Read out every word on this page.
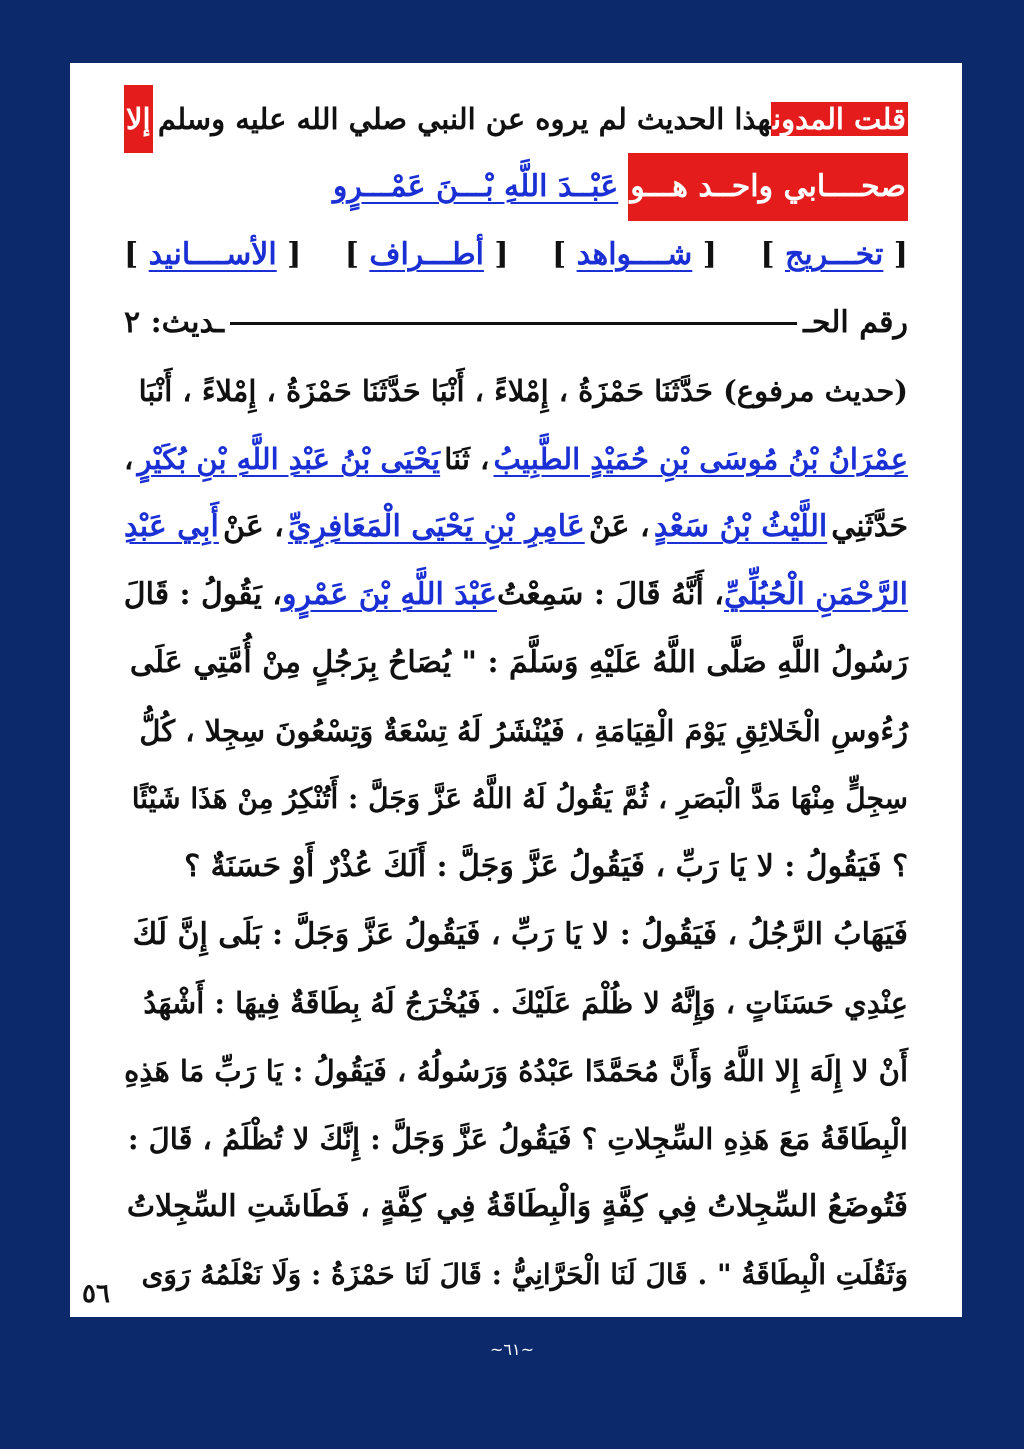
قلت المدونهذا الحديث لم يروه عن النبي صلي الله عليه وسلم
إلا
صحــــابي واحــد هـــو
عَبْــدَ اللَّهِ بْـــنَ عَمْـــرٍو
[ تخـــريج ]
[ شــــواهد ]
[ أطـــراف ]
[ الأســــانيد ]
رقم الحـ
ـديث: ٢
(حديث مرفوع) حَدَّثَنَا حَمْزَةُ ، إِمْلاءً ، أَنْبَا حَدَّثَنَا حَمْزَةُ ، إِمْلاءً ، أَنْبَا
عِمْرَانُ بْنُ مُوسَى بْنِ حُمَيْدٍ الطَّبِيبُ
، ثَنَا
يَحْيَى بْنُ عَبْدِ اللَّهِ بْنِ بُكَيْرٍ
،
حَدَّثَنِي
اللَّيْثُ بْنُ سَعْدٍ
، عَنْ
عَامِرِ بْنِ يَحْيَى الْمَعَافِرِيِّ
، عَنْ
أَبِي عَبْدِ
الرَّحْمَنِ الْحُبُلِّيِّ
، أَنَّهُ قَالَ : سَمِعْتُ
عَبْدَ اللَّهِ بْنَ عَمْرٍو
، يَقُولُ : قَالَ
رَسُولُ اللَّهِ صَلَّى اللَّهُ عَلَيْهِ وَسَلَّمَ : " يُصَاحُ بِرَجُلٍ مِنْ أُمَّتِي عَلَى
رُءُوسِ الْخَلائِقِ يَوْمَ الْقِيَامَةِ ، فَيُنْشَرُ لَهُ تِسْعَةٌ وَتِسْعُونَ سِجِلا ، كُلُّ
سِجِلٍّ مِنْهَا مَدَّ الْبَصَرِ ، ثُمَّ يَقُولُ لَهُ اللَّهُ عَزَّ وَجَلَّ : أَتُنْكِرُ مِنْ هَذَا شَيْئًا
؟ فَيَقُولُ : لا يَا رَبِّ ، فَيَقُولُ عَزَّ وَجَلَّ : أَلَكَ عُذْرٌ أَوْ حَسَنَةٌ ؟
فَيَهَابُ الرَّجُلُ ، فَيَقُولُ : لا يَا رَبِّ ، فَيَقُولُ عَزَّ وَجَلَّ : بَلَى إِنَّ لَكَ
عِنْدِي حَسَنَاتٍ ، وَإِنَّهُ لا ظُلْمَ عَلَيْكَ . فَيُخْرَجُ لَهُ بِطَاقَةٌ فِيهَا : أَشْهَدُ
أَنْ لا إِلَهَ إِلا اللَّهُ وَأَنَّ مُحَمَّدًا عَبْدُهُ وَرَسُولُهُ ، فَيَقُولُ : يَا رَبِّ مَا هَذِهِ
الْبِطَاقَةُ مَعَ هَذِهِ السِّجِلاتِ ؟ فَيَقُولُ عَزَّ وَجَلَّ : إِنَّكَ لا تُظْلَمُ ، قَالَ :
فَتُوضَعُ السِّجِلاتُ فِي كِفَّةٍ وَالْبِطَاقَةُ فِي كِفَّةٍ ، فَطَاشَتِ السِّجِلاتُ
وَثَقُلَتِ الْبِطَاقَةُ " . قَالَ لَنَا الْحَرَّانِيُّ : قَالَ لَنَا حَمْزَةُ : وَلَا نَعْلَمُهُ رَوَى
٥٦
~٦١~
